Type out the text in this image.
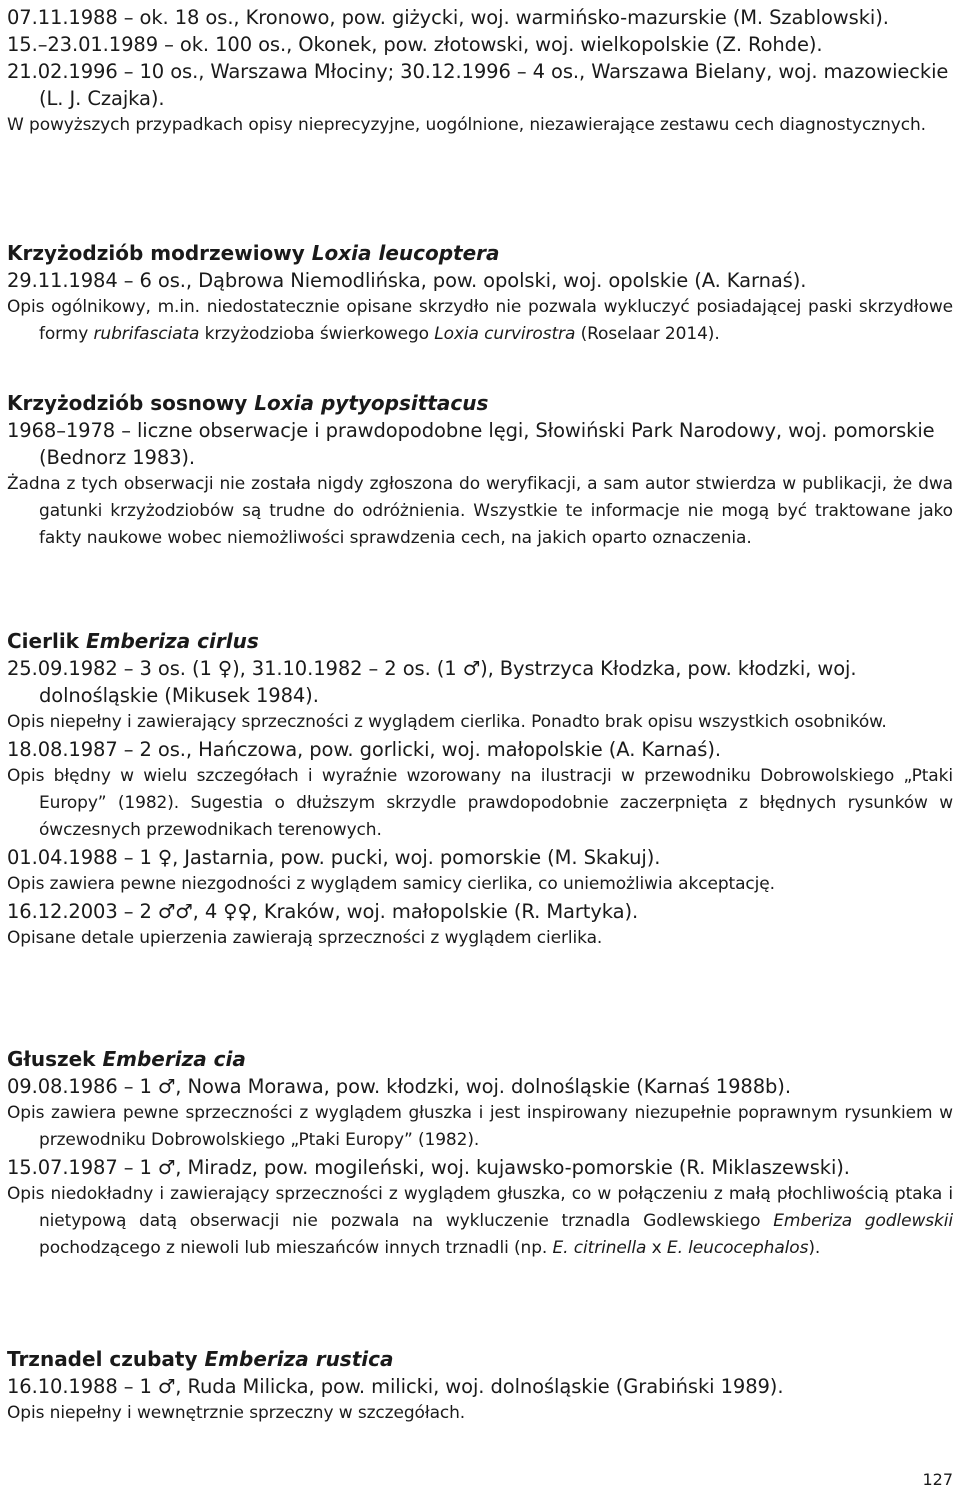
07.11.1988 – ok. 18 os., Kronowo, pow. giżycki, woj. warmińsko-mazurskie (M. Szablowski).
15.–23.01.1989 – ok. 100 os., Okonek, pow. złotowski, woj. wielkopolskie (Z. Rohde).
21.02.1996 – 10 os., Warszawa Młociny; 30.12.1996 – 4 os., Warszawa Bielany, woj. mazowieckie (L. J. Czajka).
W powyższych przypadkach opisy nieprecyzyjne, uogólnione, niezawierające zestawu cech diagnostycznych.
Krzyżodziób modrzewiowy Loxia leucoptera
29.11.1984 – 6 os., Dąbrowa Niemodlińska, pow. opolski, woj. opolskie (A. Karnaś).
Opis ogólnikowy, m.in. niedostatecznie opisane skrzydło nie pozwala wykluczyć posiadającej paski skrzydłowe formy rubrifasciata krzyżodzioba świerkowego Loxia curvirostra (Roselaar 2014).
Krzyżodziób sosnowy Loxia pytyopsittacus
1968–1978 – liczne obserwacje i prawdopodobne lęgi, Słowiński Park Narodowy, woj. pomorskie (Bednorz 1983).
Żadna z tych obserwacji nie została nigdy zgłoszona do weryfikacji, a sam autor stwierdza w publikacji, że dwa gatunki krzyżodziobów są trudne do odróżnienia. Wszystkie te informacje nie mogą być traktowane jako fakty naukowe wobec niemożliwości sprawdzenia cech, na jakich oparto oznaczenia.
Cierlik Emberiza cirlus
25.09.1982 – 3 os. (1 ♀), 31.10.1982 – 2 os. (1 ♂), Bystrzyca Kłodzka, pow. kłodzki, woj. dolnośląskie (Mikusek 1984).
Opis niepełny i zawierający sprzeczności z wyglądem cierlika. Ponadto brak opisu wszystkich osobników.
18.08.1987 – 2 os., Hańczowa, pow. gorlicki, woj. małopolskie (A. Karnaś).
Opis błędny w wielu szczegółach i wyraźnie wzorowany na ilustracji w przewodniku Dobrowolskiego „Ptaki Europy” (1982). Sugestia o dłuższym skrzydle prawdopodobnie zaczerpnięta z błędnych rysunków w ówczesnych przewodnikach terenowych.
01.04.1988 – 1 ♀, Jastarnia, pow. pucki, woj. pomorskie (M. Skakuj).
Opis zawiera pewne niezgodności z wyglądem samicy cierlika, co uniemożliwia akceptację.
16.12.2003 – 2 ♂♂, 4 ♀♀, Kraków, woj. małopolskie (R. Martyka).
Opisane detale upierzenia zawierają sprzeczności z wyglądem cierlika.
Głuszek Emberiza cia
09.08.1986 – 1 ♂, Nowa Morawa, pow. kłodzki, woj. dolnośląskie (Karnaś 1988b).
Opis zawiera pewne sprzeczności z wyglądem głuszka i jest inspirowany niezupełnie poprawnym rysunkiem w przewodniku Dobrowolskiego „Ptaki Europy” (1982).
15.07.1987 – 1 ♂, Miradz, pow. mogileński, woj. kujawsko-pomorskie (R. Miklaszewski).
Opis niedokładny i zawierający sprzeczności z wyglądem głuszka, co w połączeniu z małą płochliwością ptaka i nietypową datą obserwacji nie pozwala na wykluczenie trznadla Godlewskiego Emberiza godlewskii pochodzącego z niewoli lub mieszańców innych trznadli (np. E. citrinella x E. leucocephalos).
Trznadel czubaty Emberiza rustica
16.10.1988 – 1 ♂, Ruda Milicka, pow. milicki, woj. dolnośląskie (Grabiński 1989).
Opis niepełny i wewnętrznie sprzeczny w szczegółach.
127
